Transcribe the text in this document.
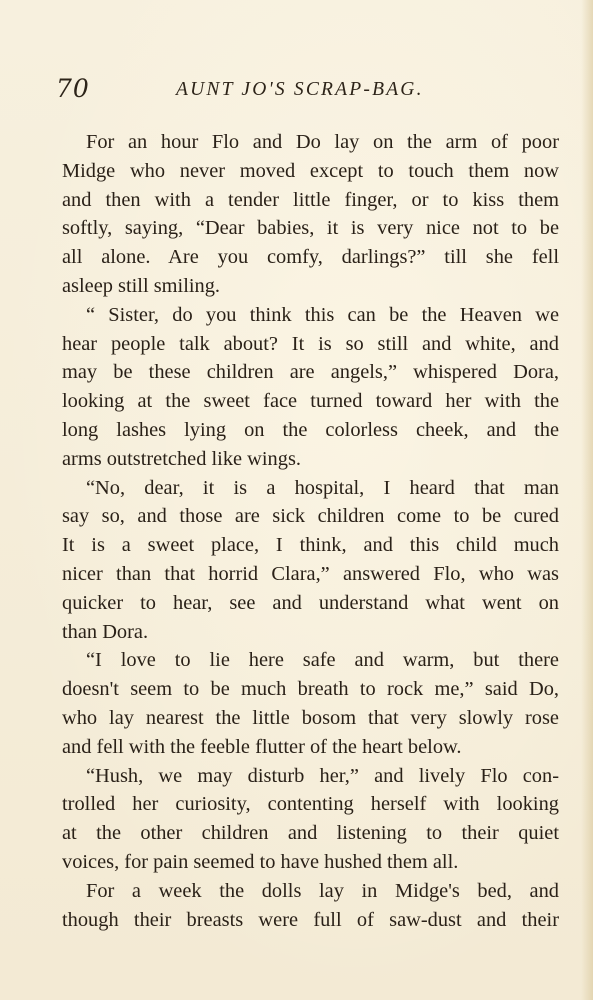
70	AUNT JO'S SCRAP-BAG.
For an hour Flo and Do lay on the arm of poor
Midge who never moved except to touch them now
and then with a tender little finger, or to kiss them
softly, saying, “Dear babies, it is very nice not to be
all alone. Are you comfy, darlings?” till she fell
asleep still smiling.
“ Sister, do you think this can be the Heaven we
hear people talk about? It is so still and white, and
may be these children are angels,” whispered Dora,
looking at the sweet face turned toward her with the
long lashes lying on the colorless cheek, and the
arms outstretched like wings.
“No, dear, it is a hospital, I heard that man
say so, and those are sick children come to be cured
It is a sweet place, I think, and this child much
nicer than that horrid Clara,” answered Flo, who was
quicker to hear, see and understand what went on
than Dora.
“I love to lie here safe and warm, but there
doesn't seem to be much breath to rock me,” said Do,
who lay nearest the little bosom that very slowly rose
and fell with the feeble flutter of the heart below.
“Hush, we may disturb her,” and lively Flo con-
trolled her curiosity, contenting herself with looking
at the other children and listening to their quiet
voices, for pain seemed to have hushed them all.
For a week the dolls lay in Midge's bed, and
though their breasts were full of saw-dust and their
